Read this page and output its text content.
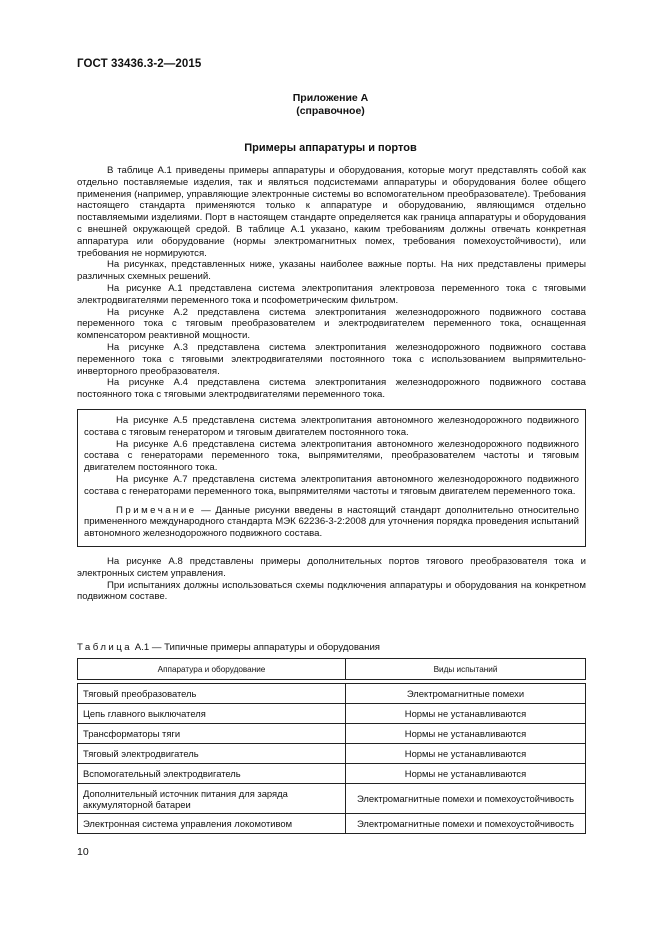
ГОСТ 33436.3-2—2015
Приложение А
(справочное)
Примеры аппаратуры и портов

В таблице А.1 приведены примеры аппаратуры и оборудования, которые могут представлять собой как отдельно поставляемые изделия, так и являться подсистемами аппаратуры и оборудования более общего применения (например, управляющие электронные системы во вспомогательном преобразователе). Требования настоящего стандарта применяются только к аппаратуре и оборудованию, являющимся отдельно поставляемыми изделиями. Порт в настоящем стандарте определяется как граница аппаратуры и оборудования с внешней окружающей средой. В таблице А.1 указано, каким требованиям должны отвечать конкретная аппаратура или оборудование (нормы электромагнитных помех, требования помехоустойчивости), или требования не нормируются.

На рисунках, представленных ниже, указаны наиболее важные порты. На них представлены примеры различных схемных решений.

На рисунке А.1 представлена система электропитания электровоза переменного тока с тяговыми электродвигателями переменного тока и псофометрическим фильтром.

На рисунке А.2 представлена система электропитания железнодорожного подвижного состава переменного тока с тяговым преобразователем и электродвигателем переменного тока, оснащенная компенсатором реактивной мощности.

На рисунке А.3 представлена система электропитания железнодорожного подвижного состава переменного тока с тяговыми электродвигателями постоянного тока с использованием выпрямительно-инверторного преобразователя.

На рисунке А.4 представлена система электропитания железнодорожного подвижного состава постоянного тока с тяговыми электродвигателями переменного тока.

На рисунке А.5 представлена система электропитания автономного железнодорожного подвижного состава с тяговым генератором и тяговым двигателем постоянного тока.

На рисунке А.6 представлена система электропитания автономного железнодорожного подвижного состава с генераторами переменного тока, выпрямителями, преобразователем частоты и тяговым двигателем постоянного тока.

На рисунке А.7 представлена система электропитания автономного железнодорожного подвижного состава с генераторами переменного тока, выпрямителями частоты и тяговым двигателем переменного тока.

Примечание — Данные рисунки введены в настоящий стандарт дополнительно относительно примененного международного стандарта МЭК 62236-3-2:2008 для уточнения порядка проведения испытаний автономного железнодорожного подвижного состава.

На рисунке А.8 представлены примеры дополнительных портов тягового преобразователя тока и электронных систем управления.

При испытаниях должны использоваться схемы подключения аппаратуры и оборудования на конкретном подвижном составе.

Таблица А.1 — Типичные примеры аппаратуры и оборудования
Аппаратура и оборудование	Виды испытаний

Тяговый преобразователь	Электромагнитные помехи
Цепь главного выключателя	Нормы не устанавливаются
Трансформаторы тяги	Нормы не устанавливаются
Тяговый электродвигатель	Нормы не устанавливаются
Вспомогательный электродвигатель	Нормы не устанавливаются
Дополнительный источник питания для заряда аккумуляторной батареи	Электромагнитные помехи и помехоустойчивость
Электронная система управления локомотивом	Электромагнитные помехи и помехоустойчивость
10
